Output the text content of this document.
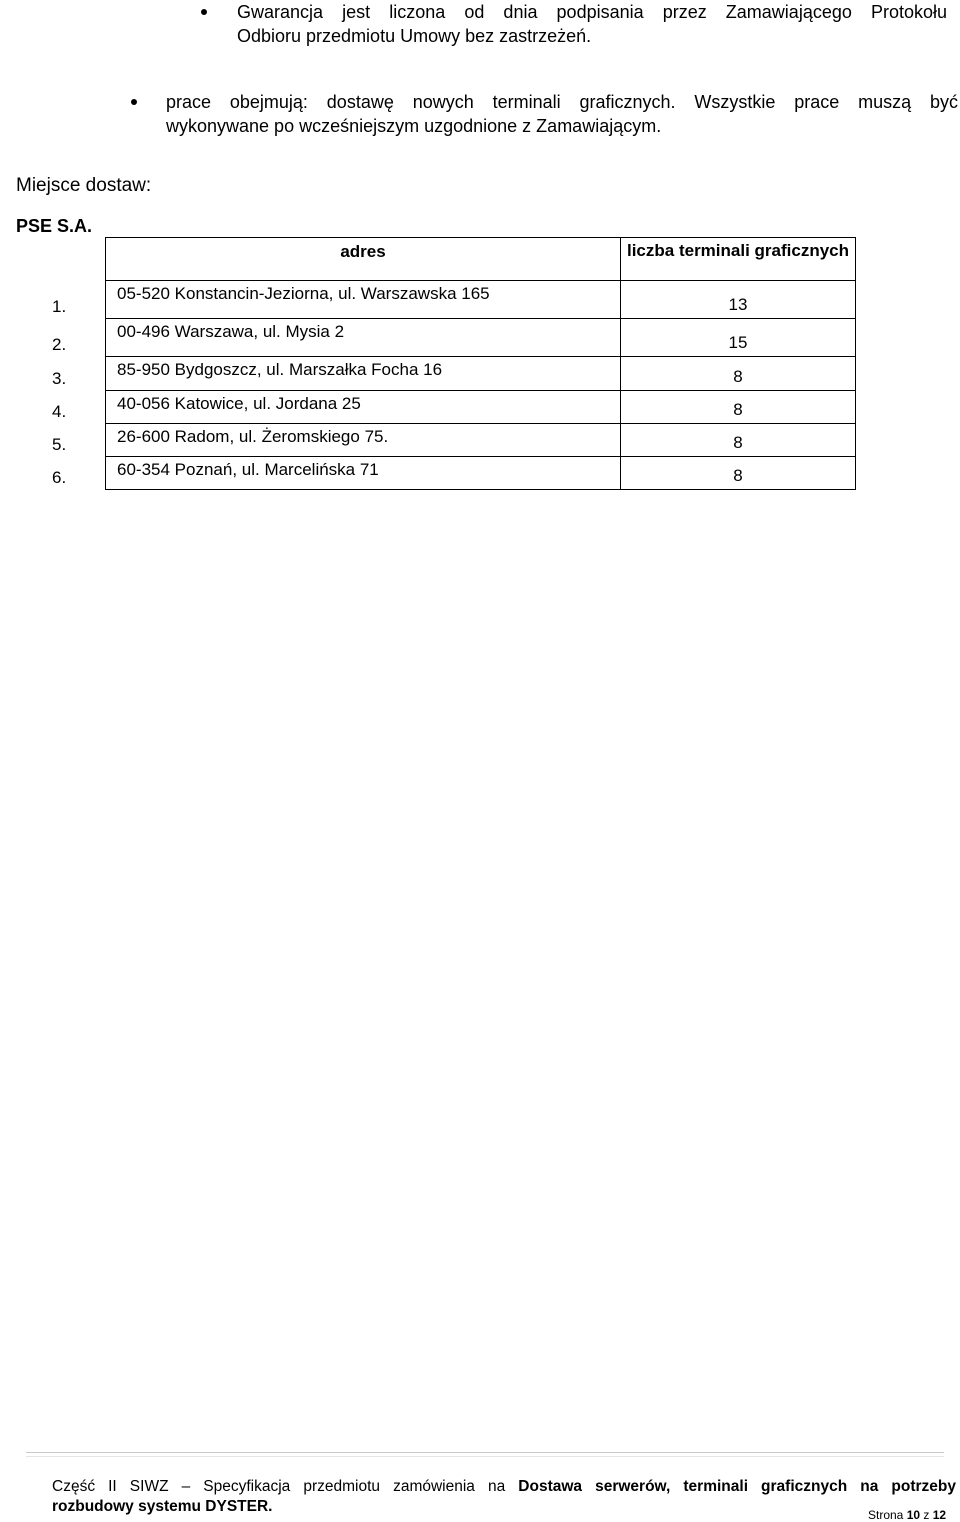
Gwarancja jest liczona od dnia podpisania przez Zamawiającego Protokołu
Odbioru przedmiotu Umowy bez zastrzeżeń.
prace obejmują: dostawę nowych terminali graficznych. Wszystkie prace muszą być
wykonywane po wcześniejszym uzgodnione z Zamawiającym.
Miejsce dostaw:
PSE S.A.
	adres	liczba terminali graficznych
1.	05-520 Konstancin-Jeziorna, ul. Warszawska 165	13
2.	00-496 Warszawa, ul. Mysia 2	15
3.	85-950 Bydgoszcz, ul. Marszałka Focha 16	8
4.	40-056 Katowice, ul. Jordana 25	8
5.	26-600 Radom, ul. Żeromskiego 75.	8
6.	60-354 Poznań, ul. Marcelińska 71	8
Część II SIWZ – Specyfikacja przedmiotu zamówienia na Dostawa serwerów, terminali graficznych na potrzeby
rozbudowy systemu DYSTER.	Strona 10 z 12
